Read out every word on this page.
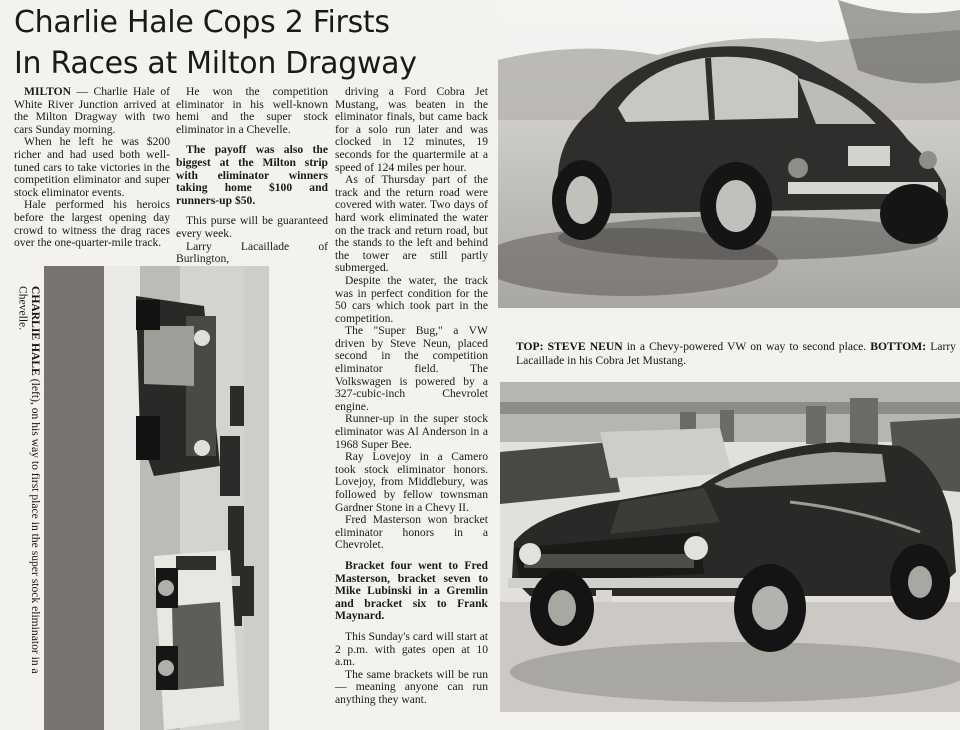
Charlie Hale Cops 2 Firsts
In Races at Milton Dragway

MILTON — Charlie Hale of White River Junction arrived at the Milton Dragway with two cars Sunday morning.

When he left he was $200 richer and had used both well-tuned cars to take victories in the competition eliminator and super stock eliminator events.

Hale performed his heroics before the largest opening day crowd to witness the drag races over the one-quarter-mile track.

He won the competition eliminator in his well-known hemi and the super stock eliminator in a Chevelle.

The payoff was also the biggest at the Milton strip with eliminator winners taking home $100 and runners-up $50.

This purse will be guaranteed every week.

Larry Lacaillade of Burlington,

driving a Ford Cobra Jet Mustang, was beaten in the eliminator finals, but came back for a solo run later and was clocked in 12 minutes, 19 seconds for the quartermile at a speed of 124 miles per hour.

As of Thursday part of the track and the return road were covered with water. Two days of hard work eliminated the water on the track and return road, but the stands to the left and behind the tower are still partly submerged.

Despite the water, the track was in perfect condition for the 50 cars which took part in the competition.

The "Super Bug," a VW driven by Steve Neun, placed second in the competition eliminator field. The Volkswagen is powered by a 327-cubic-inch Chevrolet engine.

Runner-up in the super stock eliminator was Al Anderson in a 1968 Super Bee.

Ray Lovejoy in a Camero took stock eliminator honors. Lovejoy, from Middlebury, was followed by fellow townsman Gardner Stone in a Chevy II.

Fred Masterson won bracket eliminator honors in a Chevrolet.

Bracket four went to Fred Masterson, bracket seven to Mike Lubinski in a Gremlin and bracket six to Frank Maynard.

This Sunday's card will start at 2 p.m. with gates open at 10 a.m.

The same brackets will be run — meaning anyone can run anything they want.

TOP: STEVE NEUN in a Chevy-powered VW on way to second place. BOTTOM: Larry Lacaillade in his Cobra Jet Mustang.
CHARLIE HALE (left), on his way to first place in the super stock eliminator in a Chevelle.
